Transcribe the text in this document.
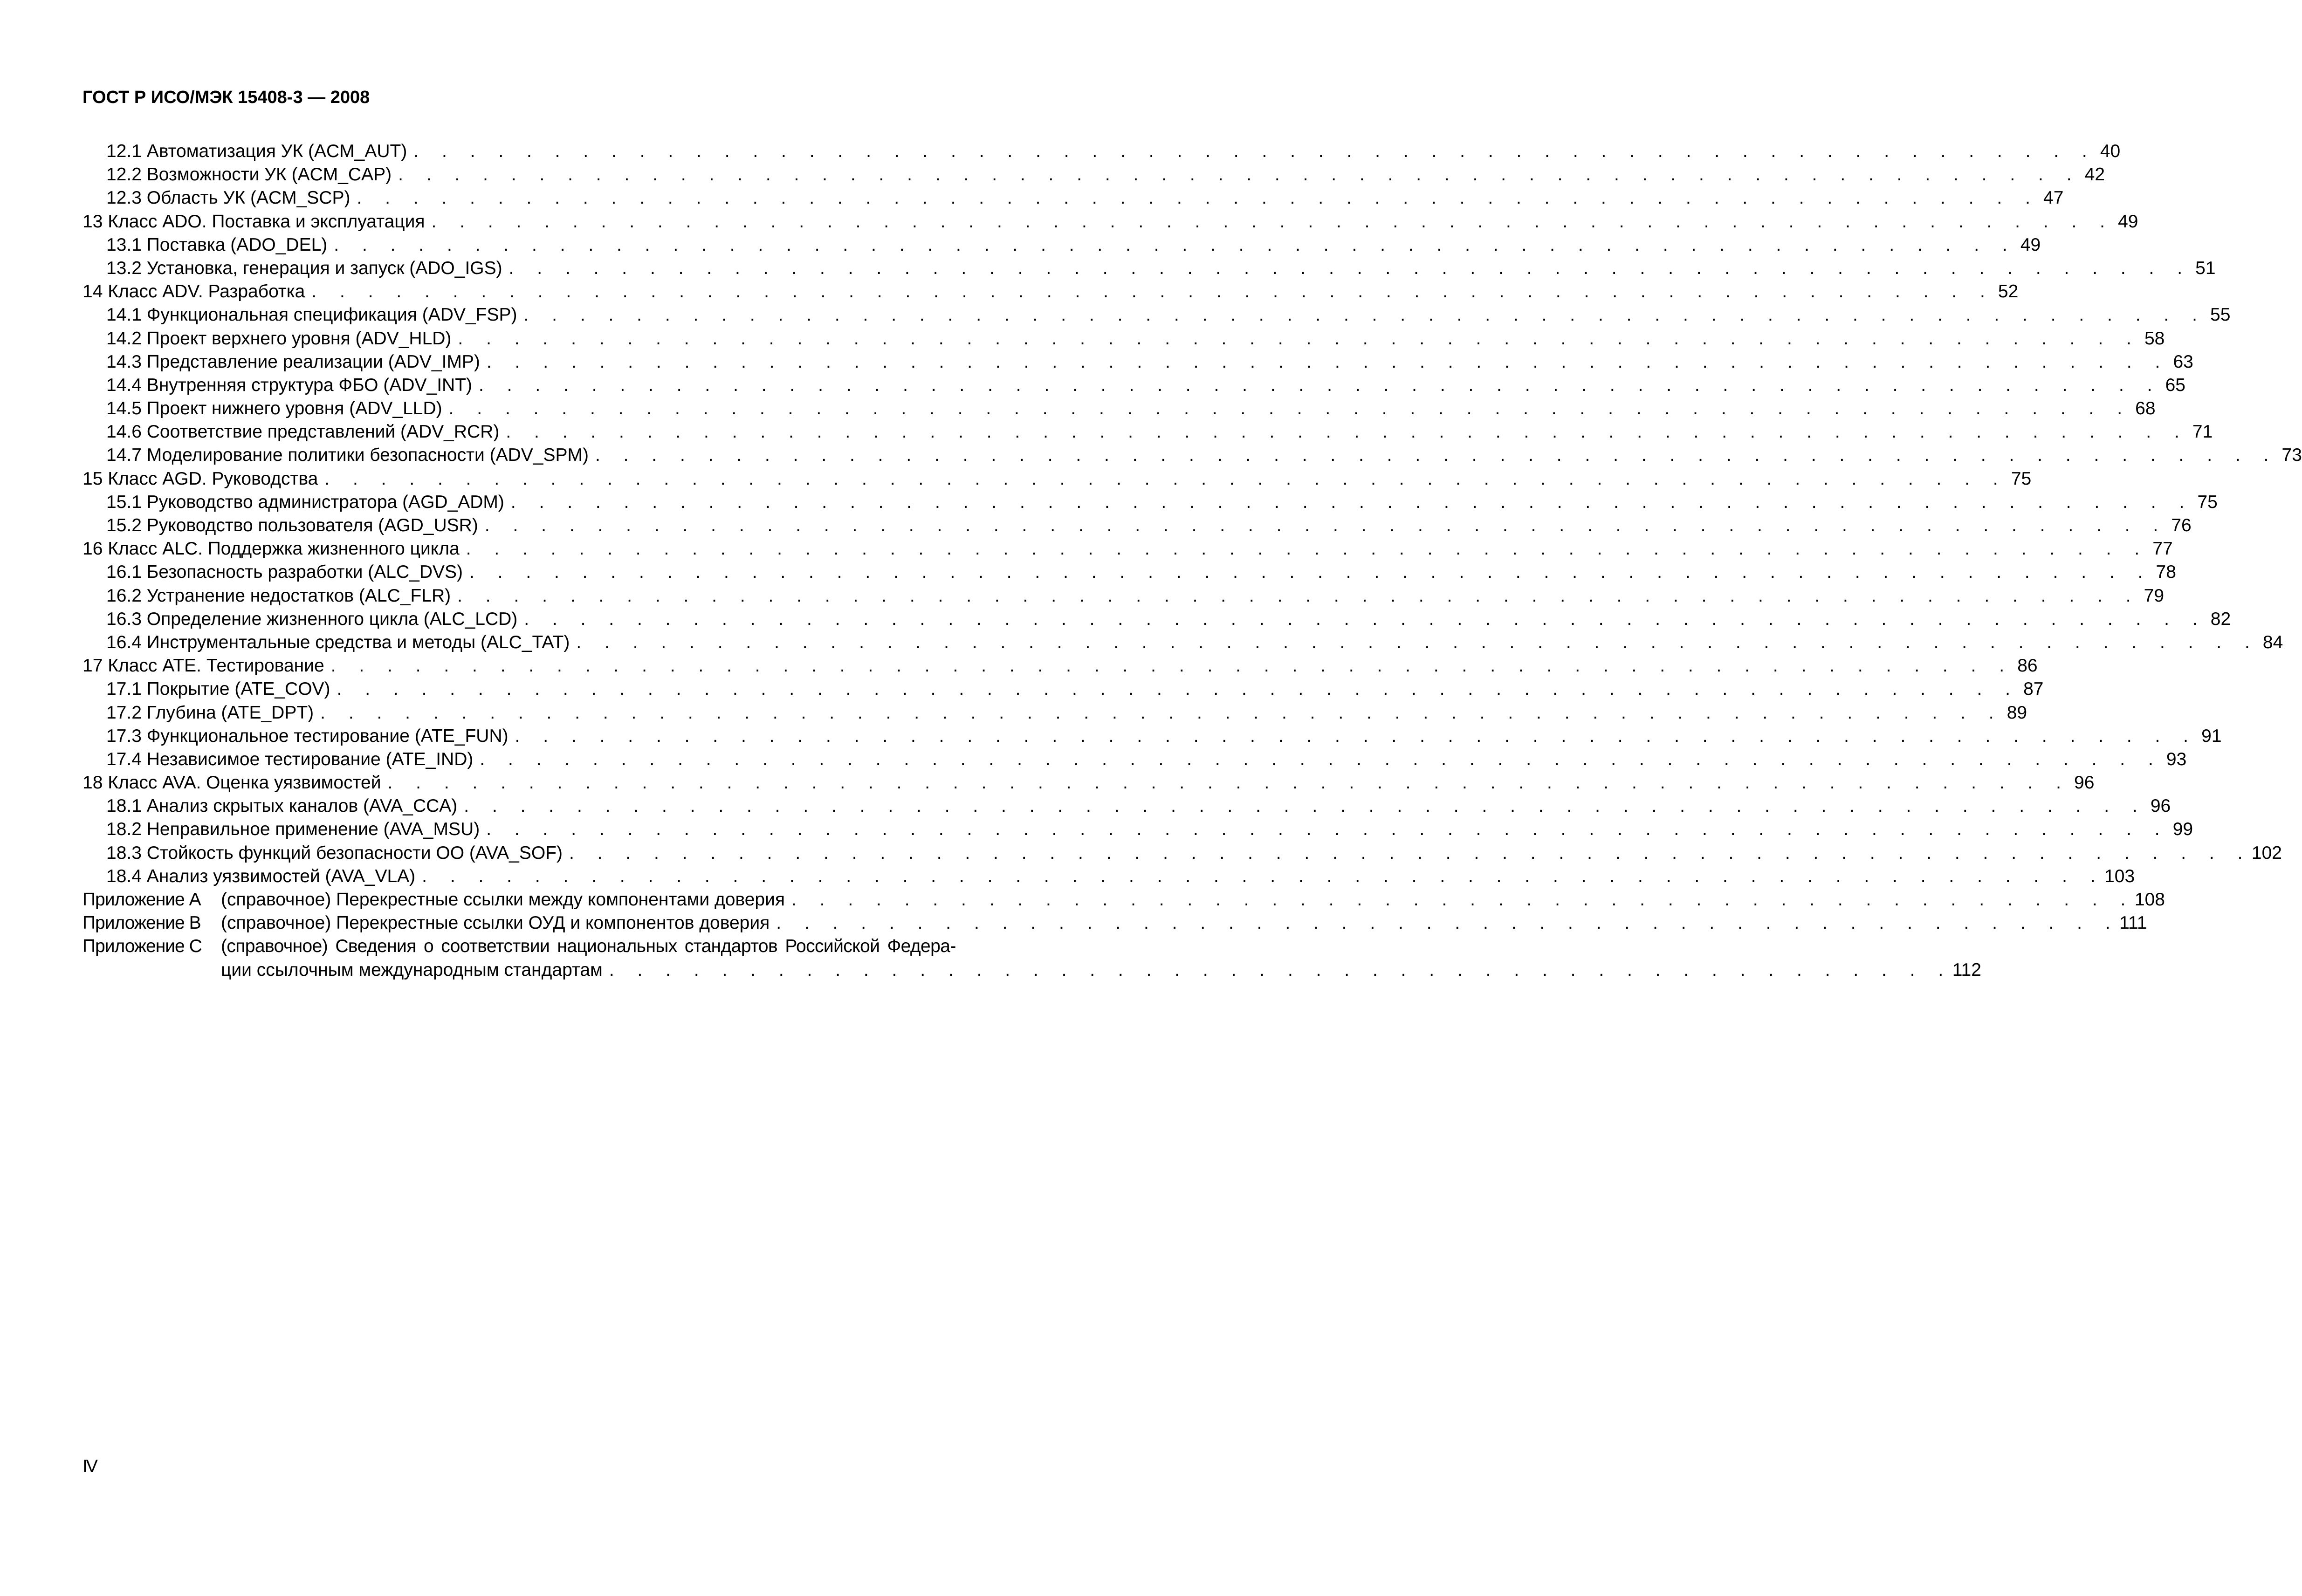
ГОСТ Р ИСО/МЭК 15408-3 — 2008
12.1 Автоматизация УК (ACM_AUT) . . . . . . . . . . . . . . . . . . . . . . . . . . . . . . . . . . . . . . . . . . . . . . . . . . . . . . . . . . . . 40
12.2 Возможности УК (ACM_CAP) . . . . . . . . . . . . . . . . . . . . . . . . . . . . . . . . . . . . . . . . . . . . . . . . . . . . . . . . . . . . 42
12.3 Область УК (ACM_SCP) . . . . . . . . . . . . . . . . . . . . . . . . . . . . . . . . . . . . . . . . . . . . . . . . . . . . . . . . . . . . 47
13 Класс ADO. Поставка и эксплуатация . . . . . . . . . . . . . . . . . . . . . . . . . . . . . . . . . . . . . . . . . . . . . . . . . . . . . . . . . . . . 49
13.1 Поставка (ADO_DEL) . . . . . . . . . . . . . . . . . . . . . . . . . . . . . . . . . . . . . . . . . . . . . . . . . . . . . . . . . . . . 49
13.2 Установка, генерация и запуск (ADO_IGS) . . . . . . . . . . . . . . . . . . . . . . . . . . . . . . . . . . . . . . . . . . . . . . . . . . . . . . . . . . . . 51
14 Класс ADV. Разработка . . . . . . . . . . . . . . . . . . . . . . . . . . . . . . . . . . . . . . . . . . . . . . . . . . . . . . . . . . . . 52
14.1 Функциональная спецификация (ADV_FSP) . . . . . . . . . . . . . . . . . . . . . . . . . . . . . . . . . . . . . . . . . . . . . . . . . . . . . . . . . . . . 55
14.2 Проект верхнего уровня (ADV_HLD) . . . . . . . . . . . . . . . . . . . . . . . . . . . . . . . . . . . . . . . . . . . . . . . . . . . . . . . . . . . . 58
14.3 Представление реализации (ADV_IMP) . . . . . . . . . . . . . . . . . . . . . . . . . . . . . . . . . . . . . . . . . . . . . . . . . . . . . . . . . . . . 63
14.4 Внутренняя структура ФБО (ADV_INT) . . . . . . . . . . . . . . . . . . . . . . . . . . . . . . . . . . . . . . . . . . . . . . . . . . . . . . . . . . . . 65
14.5 Проект нижнего уровня (ADV_LLD) . . . . . . . . . . . . . . . . . . . . . . . . . . . . . . . . . . . . . . . . . . . . . . . . . . . . . . . . . . . . 68
14.6 Соответствие представлений (ADV_RCR) . . . . . . . . . . . . . . . . . . . . . . . . . . . . . . . . . . . . . . . . . . . . . . . . . . . . . . . . . . . . 71
14.7 Моделирование политики безопасности (ADV_SPM) . . . . . . . . . . . . . . . . . . . . . . . . . . . . . . . . . . . . . . . . . . . . . . . . . . . . . . . . . . . . 73
15 Класс AGD. Руководства . . . . . . . . . . . . . . . . . . . . . . . . . . . . . . . . . . . . . . . . . . . . . . . . . . . . . . . . . . . . 75
15.1 Руководство администратора (AGD_ADM) . . . . . . . . . . . . . . . . . . . . . . . . . . . . . . . . . . . . . . . . . . . . . . . . . . . . . . . . . . . . 75
15.2 Руководство пользователя (AGD_USR) . . . . . . . . . . . . . . . . . . . . . . . . . . . . . . . . . . . . . . . . . . . . . . . . . . . . . . . . . . . . 76
16 Класс ALC. Поддержка жизненного цикла . . . . . . . . . . . . . . . . . . . . . . . . . . . . . . . . . . . . . . . . . . . . . . . . . . . . . . . . . . . . 77
16.1 Безопасность разработки (ALC_DVS) . . . . . . . . . . . . . . . . . . . . . . . . . . . . . . . . . . . . . . . . . . . . . . . . . . . . . . . . . . . . 78
16.2 Устранение недостатков (ALC_FLR) . . . . . . . . . . . . . . . . . . . . . . . . . . . . . . . . . . . . . . . . . . . . . . . . . . . . . . . . . . . . 79
16.3 Определение жизненного цикла (ALC_LCD) . . . . . . . . . . . . . . . . . . . . . . . . . . . . . . . . . . . . . . . . . . . . . . . . . . . . . . . . . . . . 82
16.4 Инструментальные средства и методы (ALC_TAT) . . . . . . . . . . . . . . . . . . . . . . . . . . . . . . . . . . . . . . . . . . . . . . . . . . . . . . . . . . . . 84
17 Класс ATE. Тестирование . . . . . . . . . . . . . . . . . . . . . . . . . . . . . . . . . . . . . . . . . . . . . . . . . . . . . . . . . . . . 86
17.1 Покрытие (ATE_COV) . . . . . . . . . . . . . . . . . . . . . . . . . . . . . . . . . . . . . . . . . . . . . . . . . . . . . . . . . . . . 87
17.2 Глубина (ATE_DPT) . . . . . . . . . . . . . . . . . . . . . . . . . . . . . . . . . . . . . . . . . . . . . . . . . . . . . . . . . . . . 89
17.3 Функциональное тестирование (ATE_FUN) . . . . . . . . . . . . . . . . . . . . . . . . . . . . . . . . . . . . . . . . . . . . . . . . . . . . . . . . . . . . 91
17.4 Независимое тестирование (ATE_IND) . . . . . . . . . . . . . . . . . . . . . . . . . . . . . . . . . . . . . . . . . . . . . . . . . . . . . . . . . . . . 93
18 Класс AVA. Оценка уязвимостей . . . . . . . . . . . . . . . . . . . . . . . . . . . . . . . . . . . . . . . . . . . . . . . . . . . . . . . . . . . . 96
18.1 Анализ скрытых каналов (AVA_CCA) . . . . . . . . . . . . . . . . . . . . . . . . . . . . . . . . . . . . . . . . . . . . . . . . . . . . . . . . . . . . 96
18.2 Неправильное применение (AVA_MSU) . . . . . . . . . . . . . . . . . . . . . . . . . . . . . . . . . . . . . . . . . . . . . . . . . . . . . . . . . . . . 99
18.3 Стойкость функций безопасности ОО (AVA_SOF) . . . . . . . . . . . . . . . . . . . . . . . . . . . . . . . . . . . . . . . . . . . . . . . . . . . . . . . . . . . . 102
18.4 Анализ уязвимостей (AVA_VLA) . . . . . . . . . . . . . . . . . . . . . . . . . . . . . . . . . . . . . . . . . . . . . . . . . . . . . . . . . . . . 103
Приложение А	(справочное) Перекрестные ссылки между компонентами доверия . . . . . . . . . . . . . . . . . . . . . . . . . . . . . . . . . . . . . . . . . . . . . . . . 108
Приложение В	(справочное) Перекрестные ссылки ОУД и компонентов доверия . . . . . . . . . . . . . . . . . . . . . . . . . . . . . . . . . . . . . . . . . . . . . . . . 111
Приложение С	(справочное) Сведения о соответствии национальных стандартов Российской Федера-
ции ссылочным международным стандартам . . . . . . . . . . . . . . . . . . . . . . . . . . . . . . . . . . . . . . . . . . . . . . . . 112
IV
